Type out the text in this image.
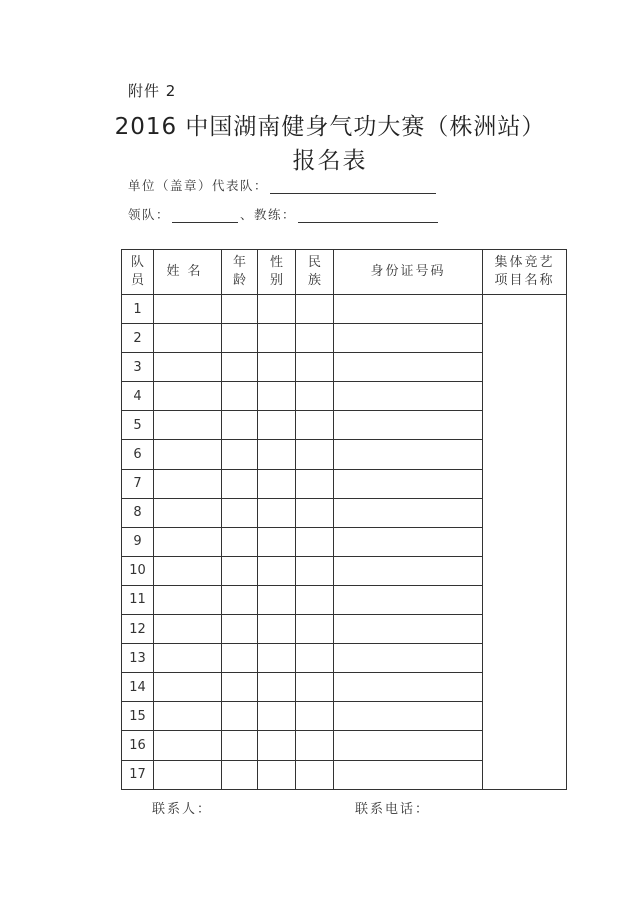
附件 2
2016 中国湖南健身气功大赛（株洲站）
报名表
单位（盖章）代表队：
领队：	、 教练：
队员	姓名	年龄	性别	民族	身份证号码	集体竞艺项目名称
1						
2						
3						
4						
5						
6						
7						
8						
9						
10						
11						
12						
13						
14						
15						
16						
17						
联系人：	联系电话：
